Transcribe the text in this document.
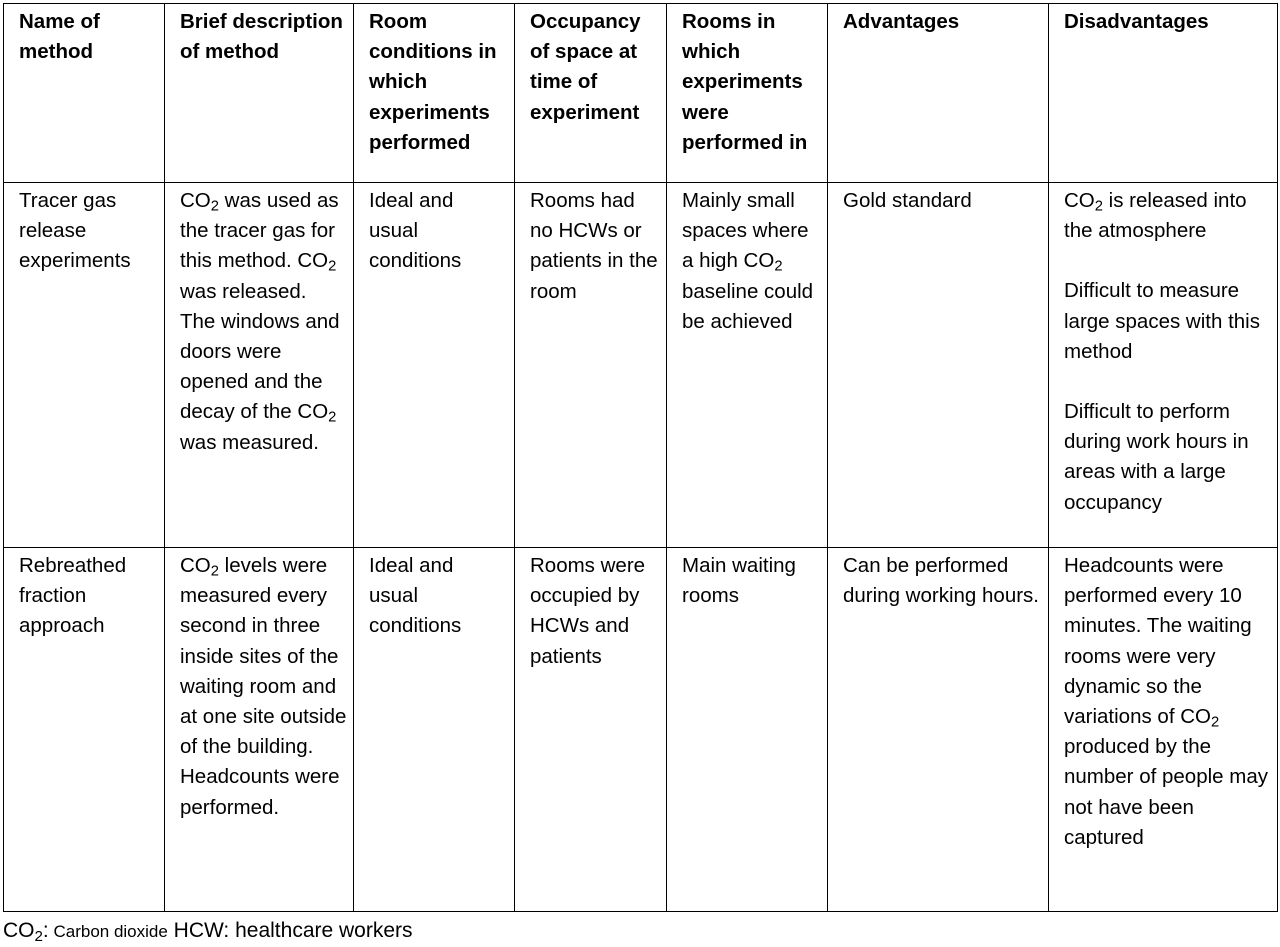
Name of method	Brief description of method	Room conditions in which experiments performed	Occupancy of space at time of experiment	Rooms in which experiments were performed in	Advantages	Disadvantages
Tracer gas release experiments	$CO_2$ was used as the tracer gas for this method. $CO_2$ was released. The windows and doors were opened and the decay of the $CO_2$ was measured.	Ideal and usual conditions	Rooms had no HCWs or patients in the room	Mainly small spaces where a high $CO_2$ baseline could be achieved	Gold standard	$CO_2$ is released into the atmosphere
Difficult to measure large spaces with this method
Difficult to perform during work hours in areas with a large occupancy

Rebreathed fraction approach	$CO_2$ levels were measured every second in three inside sites of the waiting room and at one site outside of the building. Headcounts were performed.	Ideal and usual conditions	Rooms were occupied by HCWs and patients	Main waiting rooms	Can be performed during working hours.	Headcounts were performed every 10 minutes. The waiting rooms were very dynamic so the variations of $CO_2$ produced by the number of people may not have been captured
$CO_2$: Carbon dioxide HCW: healthcare workers
